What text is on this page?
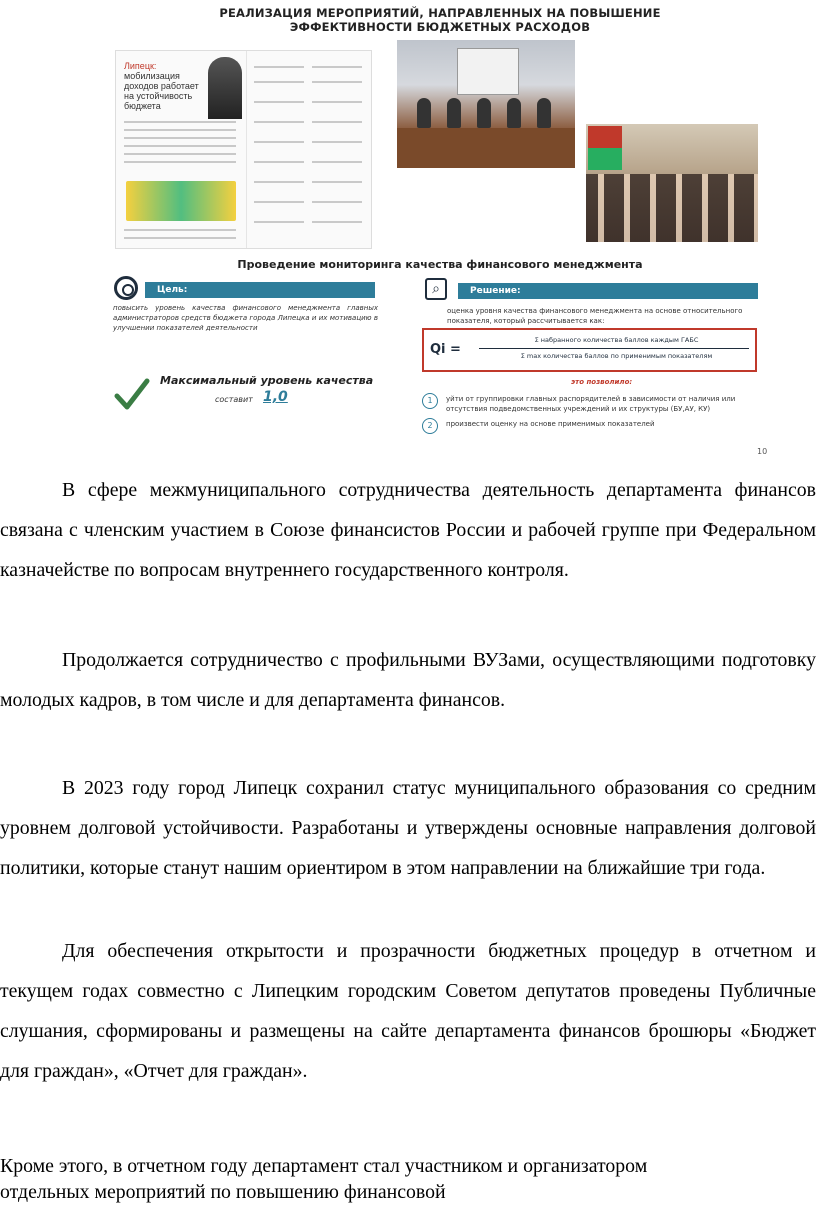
РЕАЛИЗАЦИЯ МЕРОПРИЯТИЙ, НАПРАВЛЕННЫХ НА ПОВЫШЕНИЕ
ЭФФЕКТИВНОСТИ БЮДЖЕТНЫХ РАСХОДОВ
Липецк: мобилизация доходов работает на устойчивость бюджета
Проведение мониторинга качества финансового менеджмента
Цель:
повысить уровень качества финансового менеджмента главных администраторов средств бюджета города Липецка и их мотивацию в улучшении показателей деятельности
⌕	Решение:
оценка уровня качества финансового менеджмента на основе относительного показателя, который рассчитывается как:
Qi =
Σ набранного количества баллов каждым ГАБС
Σ max количества баллов по применимым показателям
это позволило:
1	уйти от группировки главных распорядителей в зависимости от наличия или отсутствия подведомственных учреждений и их структуры (БУ,АУ, КУ)
2	произвести оценку на основе применимых показателей
Максимальный уровень качества
составит 1,0
10

В сфере межмуниципального сотрудничества деятельность департамента финансов связана с членским участием в Союзе финансистов России и рабочей группе при Федеральном казначействе по вопросам внутреннего государственного контроля.

Продолжается сотрудничество с профильными ВУЗами, осуществляющими подготовку молодых кадров, в том числе и для департамента финансов.

В 2023 году город Липецк сохранил статус муниципального образования со средним уровнем долговой устойчивости. Разработаны и утверждены основные направления долговой политики, которые станут нашим ориентиром в этом направлении на ближайшие три года.

Для обеспечения открытости и прозрачности бюджетных процедур в отчетном и текущем годах совместно с Липецким городским Советом депутатов проведены Публичные слушания, сформированы и размещены на сайте департамента финансов брошюры «Бюджет для граждан», «Отчет для граждан».

Кроме этого, в отчетном году департамент стал участником и организатором
отдельных мероприятий по повышению финансовой
